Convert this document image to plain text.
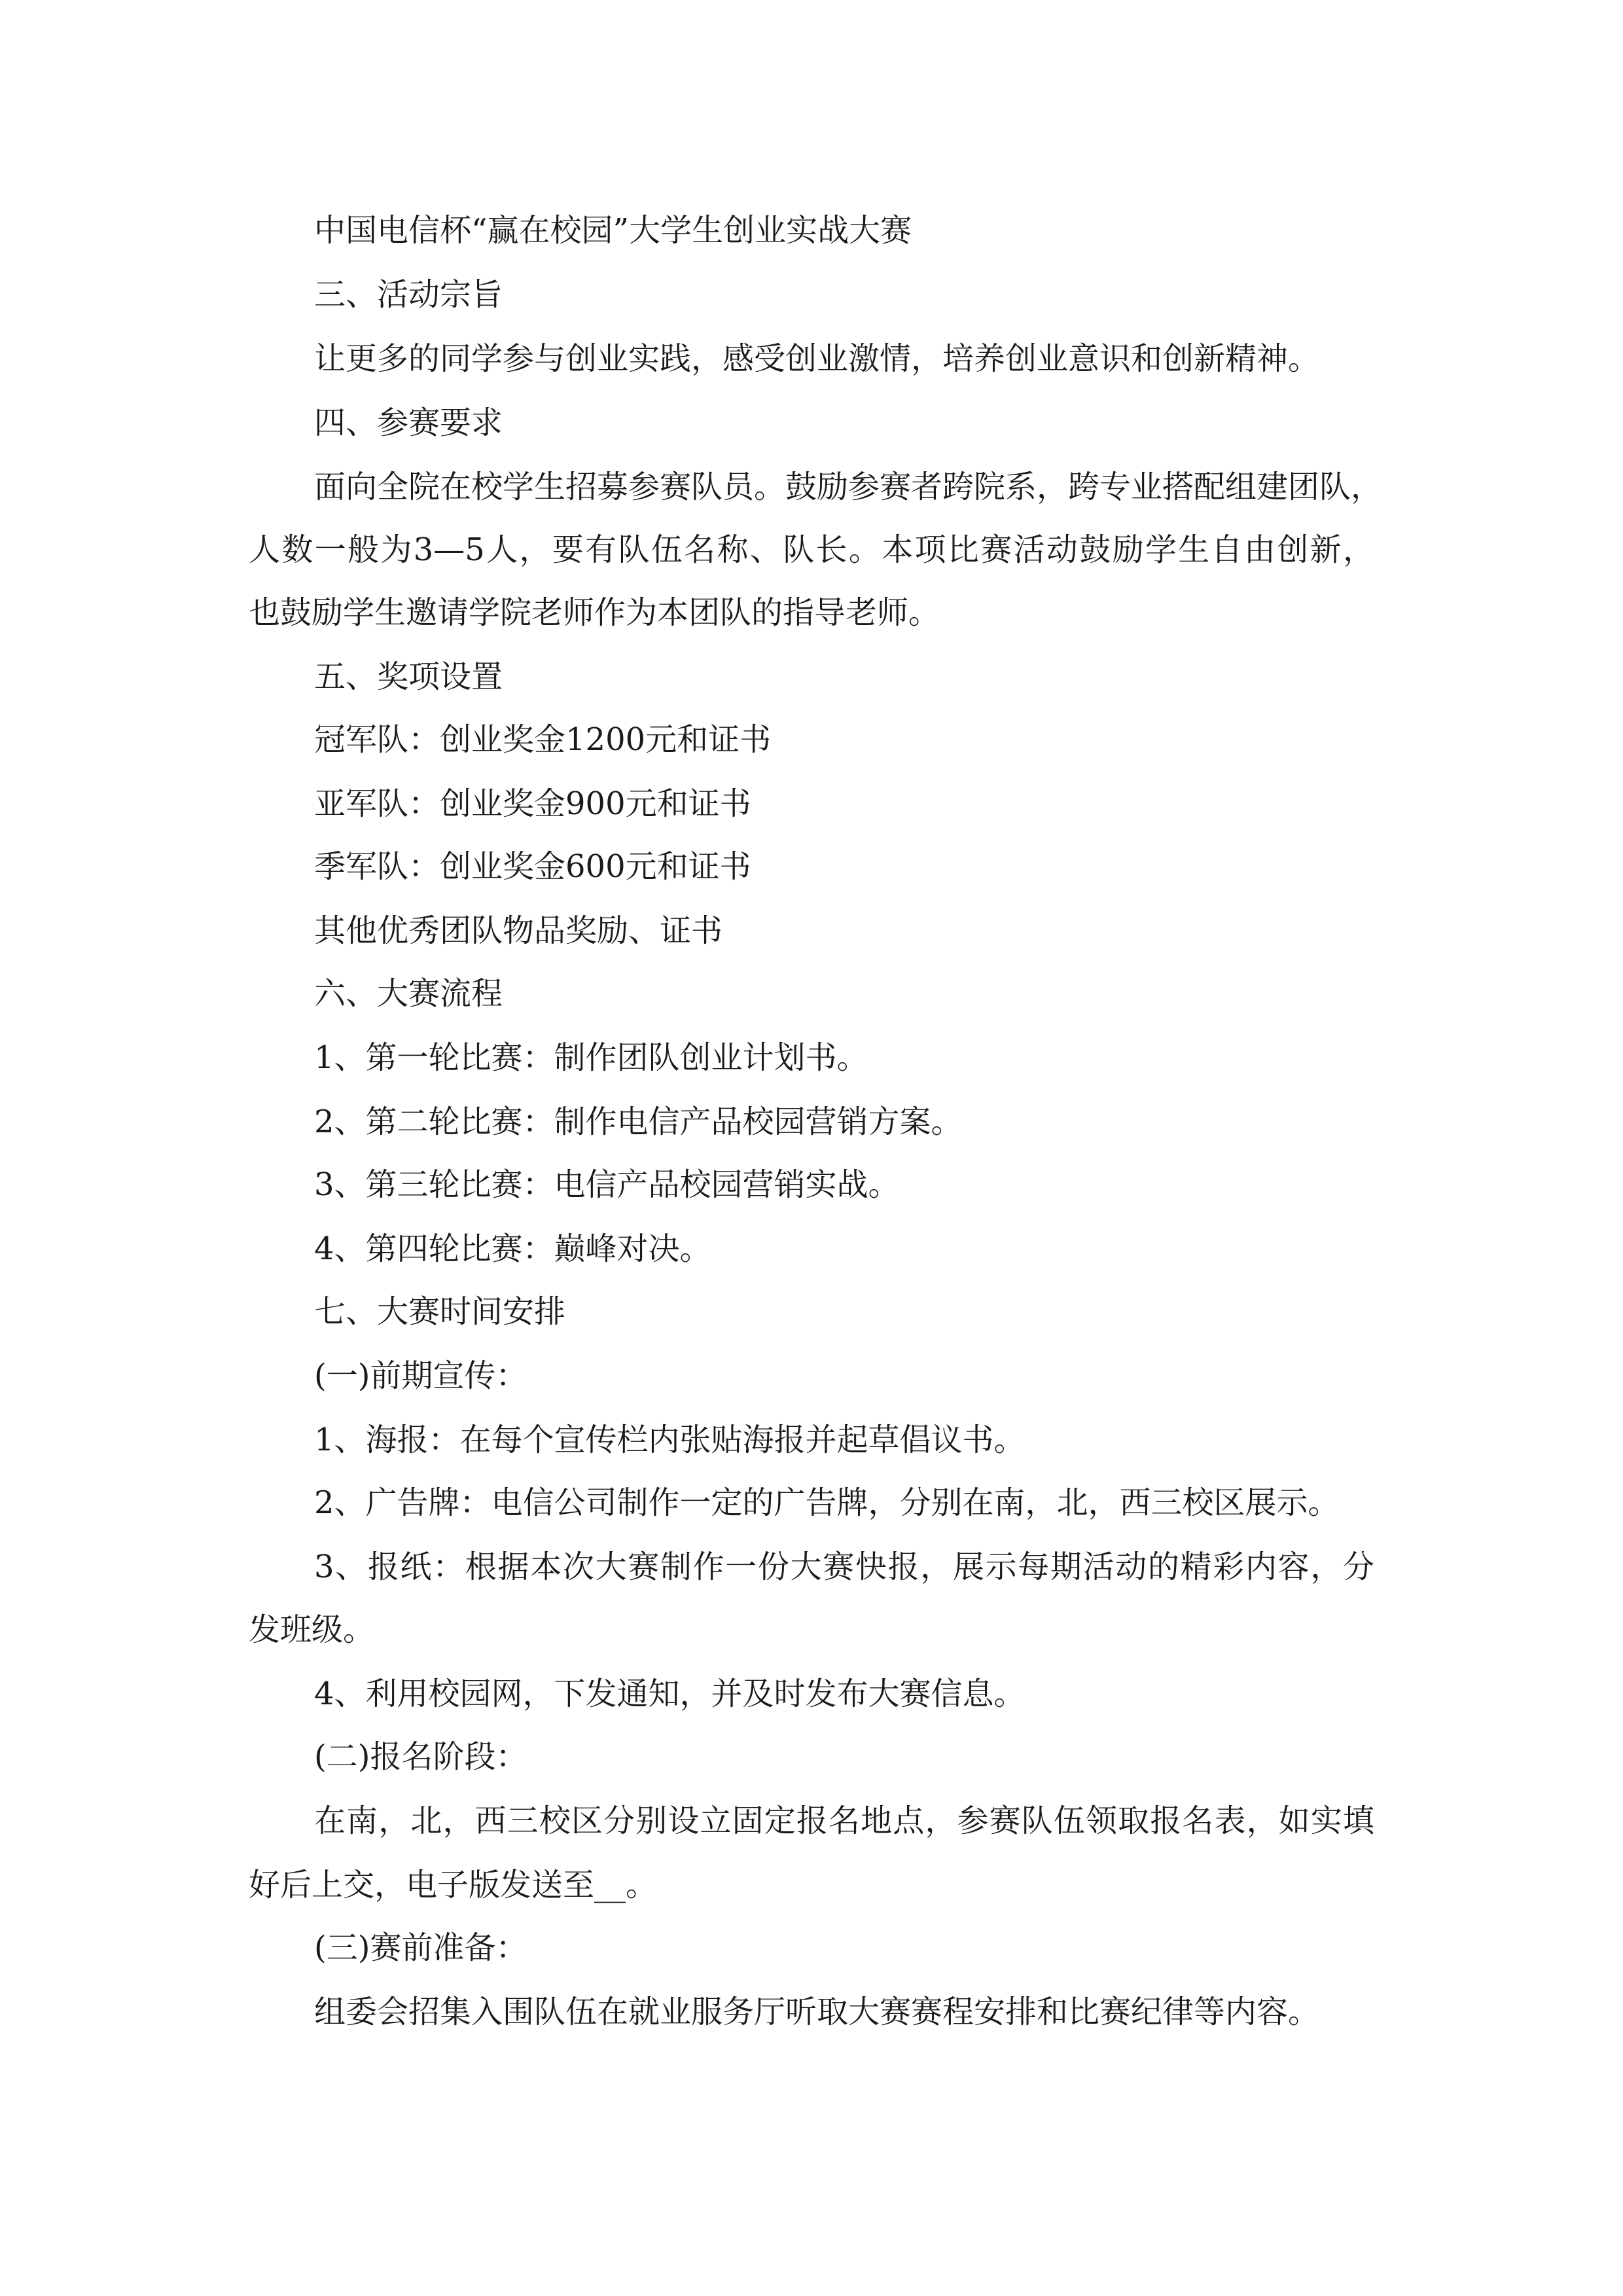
中国电信杯“赢在校园”大学生创业实战大赛
三、活动宗旨
让更多的同学参与创业实践，感受创业激情，培养创业意识和创新精神。
四、参赛要求
面向全院在校学生招募参赛队员。鼓励参赛者跨院系，跨专业搭配组建团队，
人数一般为3—5人，要有队伍名称、队长。本项比赛活动鼓励学生自由创新，
也鼓励学生邀请学院老师作为本团队的指导老师。
五、奖项设置
冠军队：创业奖金1200元和证书
亚军队：创业奖金900元和证书
季军队：创业奖金600元和证书
其他优秀团队物品奖励、证书
六、大赛流程
1、第一轮比赛：制作团队创业计划书。
2、第二轮比赛：制作电信产品校园营销方案。
3、第三轮比赛：电信产品校园营销实战。
4、第四轮比赛：巅峰对决。
七、大赛时间安排
(一)前期宣传：
1、海报：在每个宣传栏内张贴海报并起草倡议书。
2、广告牌：电信公司制作一定的广告牌，分别在南，北，西三校区展示。
3、报纸：根据本次大赛制作一份大赛快报，展示每期活动的精彩内容，分
发班级。
4、利用校园网，下发通知，并及时发布大赛信息。
(二)报名阶段：
在南，北，西三校区分别设立固定报名地点，参赛队伍领取报名表，如实填
好后上交，电子版发送至__。
(三)赛前准备：
组委会招集入围队伍在就业服务厅听取大赛赛程安排和比赛纪律等内容。
